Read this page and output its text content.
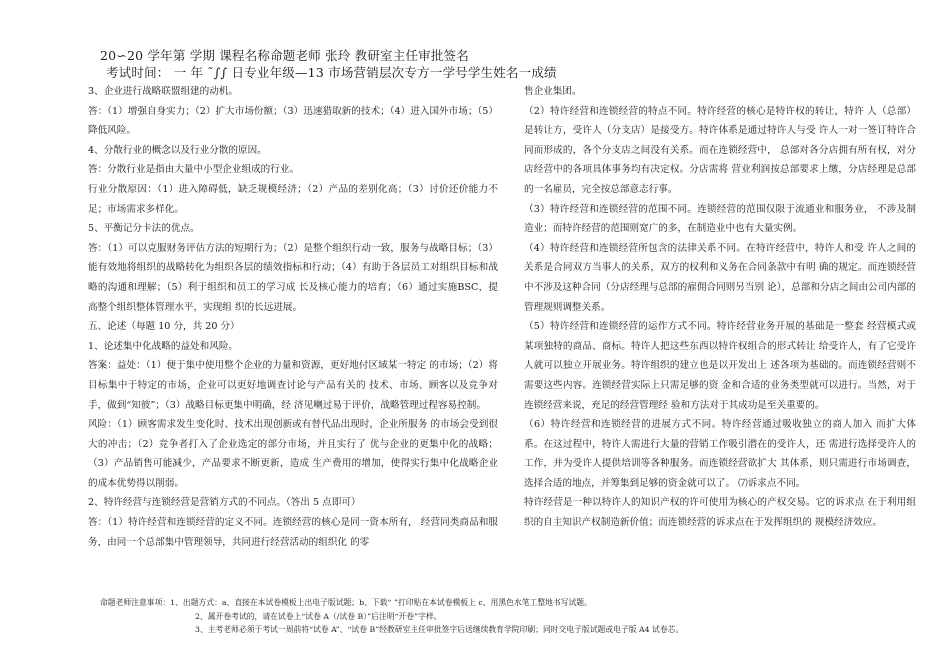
20∽20 学年第 学期 课程名称命题老师 张玲 教研室主任审批签名
考试时间： 一 年 ˜∫∫ 日专业年级—13 市场营销层次专方一学号学生姓名一成绩

3、企业进行战略联盟组建的动机。

答：（1）增强自身实力；（2）扩大市场份额；（3）迅速猎取新的技术；（4）进入国外市场；（5）降低风险。

4、分散行业的概念以及行业分散的原因。

答：分散行业是指由大量中小型企业组成的行业。

行业分散原因：（1）进入障碍低，缺乏规模经济；（2）产品的差别化高；（3）讨价还价能力不足；市场需求多样化。

5、平衡记分卡法的优点。

答：（1）可以克服财务评估方法的短期行为；（2）是整个组织行动一致，服务与战略目标；（3）能有效地将组织的战略转化为组织各层的绩效指标和行动；（4）有助于各层员工对组织目标和战略的沟通和理解；（5）利于组织和员工的学习成 长及核心能力的培育；（6）通过实施BSC，提高整个组织整体管理水平，实现组 织的长远进展。

五、论述（每题 10 分，共 20 分）

1、论述集中化战略的益处和风险。

答案：益处：（1）便于集中使用整个企业的力量和资源，更好地付区域某一特定 的市场；（2）将目标集中于特定的市场，企业可以更好地调查讨论与产品有关的 技术、市场、顾客以及竞争对手，做到“知彼”；（3）战略目标更集中明确，经 济见喇过易于评价，战略管理过程容易控制。

风险：（1）顾客需求发生变化时、技术出现创新或有替代品出现时，企业所服务 的市场会受到很大的冲击；（2）竞争者打入了企业选定的部分市场，并且实行了 优与企业的更集中化的战略；（3）产品销售可能减少，产品要求不断更新，造成 生产费用的增加，使得实行集中化战略企业的成本优势得以削弱。

2、特许经营与连锁经营是营销方式的不同点。（答出 5 点即可）

答：（1）特许经营和连锁经营的定义不同。连锁经营的核心是同一资本所有， 经营同类商品和服务，由同一个总部集中管理领导，共同进行经营活动的组织化 的零

售企业集团。

（2）特许经营和连锁经营的特点不同。特许经营的核心是特许权的转让，特许 人（总部）是转让方，受许人（分支店）是接受方。特许体系是通过特许人与受 许人一对一签订特许合同而形成的，各个分支店之间没有关系。而在连锁经营中， 总部对各分店拥有所有权，对分店经营中的各项具体事务均有决定权。分店需将 营业利润按总部要求上缴，分店经理是总部的一名雇员，完全按总部意志行事。

（3）特许经营和连锁经营的范围不同。连锁经营的范围仅限于流通业和服务业， 不涉及制造业；而特许经营的范围则宽广的多，在制造业中也有大量实例。

（4）特许经营和连锁经营所包含的法律关系不同。在特许经营中，特许人和受 许人之间的关系是合同双方当事人的关系，双方的权利和义务在合同条款中有明 确的规定。而连锁经营中不涉及这种合同（分店经理与总部的雇佣合同则另当别 论），总部和分店之间由公司内部的管理规则调整关系。

（5）特许经营和连锁经营的运作方式不同。特许经营业务开展的基础是一整套 经营模式或某项独特的商品、商标。特许人把这些东西以特许权组合的形式转让 给受许人，有了它受许人就可以独立开展业务。特许组织的建立也是以开发出上 述各项为基础的。而连锁经营则不需要这些内容。连锁经营实际上只需足够的资 金和合适的业务类型就可以进行。当然，对于连锁经营来说，充足的经营管理经 验和方法对于其成功是至关重要的。

（6）特许经营和连锁经营的进展方式不同。特许经营通过吸收独立的商人加入 而扩大体系。在这过程中，特许人需进行大量的营销工作吸引潜在的受许人，还 需进行选择受许人的工作，并为受许人提供培训等各种服务。而连锁经营欲扩大 其体系，则只需进行市场调查，选择合适的地点，并筹集到足够的资金就可以了。 ⑺诉求点不同。

特许经营是一种以特许人的知识产权的许可使用为核心的产权交易。它的诉求点 在于利用组织的自主知识产权制造新价值；而连锁经营的诉求点在于发挥组织的 规模经济效应。

命题老师注意事项：1、出题方式：a、直接在本试卷模板上出电子版试题；b、下载“ ”打印贴在本试卷模板上 c、用黑色水笔工整地书写试题。
2、属开卷考试的，请在试卷上“试卷 A（/试卷 B）”后注明“开卷”字样。
3、主考老师必须于考试一周前将“试卷 A”、“试卷 B”经教研室主任审批签字后送继续教育学院印刷；同时交电子版试题或电子版 A4 试卷芯。
